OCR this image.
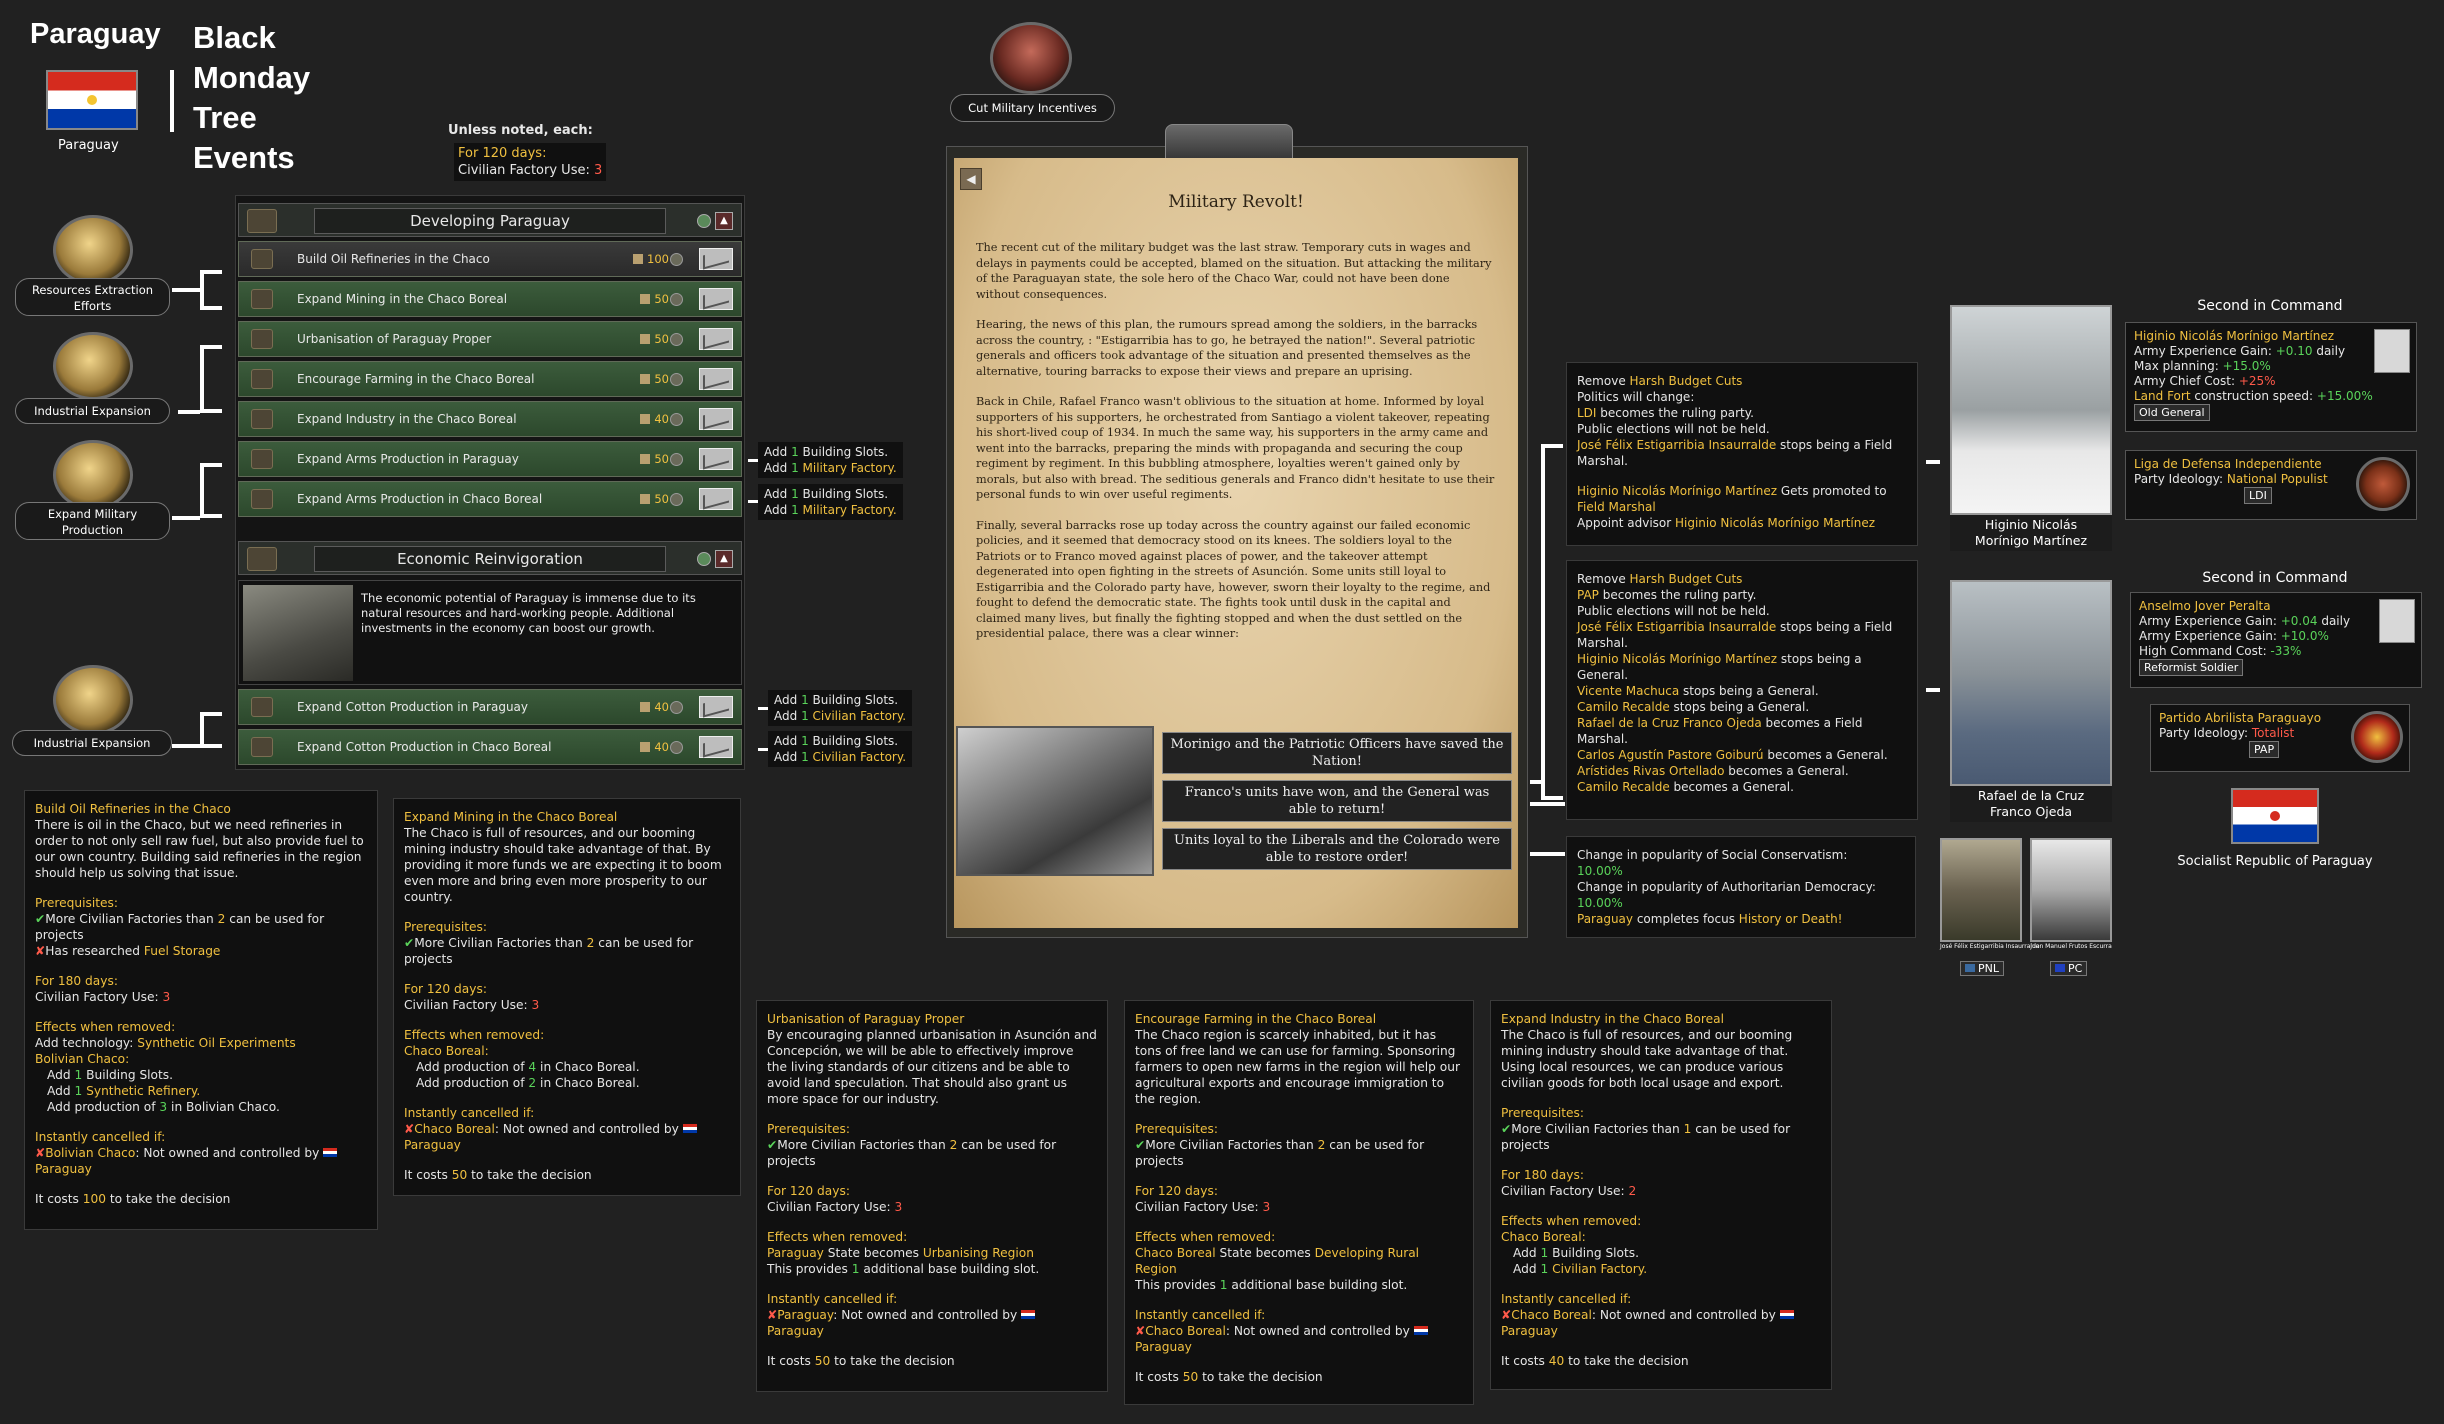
Paraguay
Paraguay
Black
Monday
Tree
Events
Unless noted, each:
For 120 days:
Civilian Factory Use: 3
Resources Extraction Efforts
Industrial Expansion
Expand Military Production
Industrial Expansion
Developing Paraguay	▲
Build Oil Refineries in the Chaco	100
Expand Mining in the Chaco Boreal	50
Urbanisation of Paraguay Proper	50
Encourage Farming in the Chaco Boreal	50
Expand Industry in the Chaco Boreal	40
Expand Arms Production in Paraguay	50
Expand Arms Production in Chaco Boreal	50
Economic Reinvigoration	▲
The economic potential of Paraguay is immense due to its natural resources and hard-working people. Additional investments in the economy can boost our growth.
Expand Cotton Production in Paraguay	40
Expand Cotton Production in Chaco Boreal	40
Add 1 Building Slots.
Add 1 Military Factory.
Add 1 Building Slots.
Add 1 Military Factory.
Add 1 Building Slots.
Add 1 Civilian Factory.
Add 1 Building Slots.
Add 1 Civilian Factory.

Build Oil Refineries in the Chaco

There is oil in the Chaco, but we need refineries in order to not only sell raw fuel, but also provide fuel to our own country. Building said refineries in the region should help us solving that issue.

Prerequisites:

✔More Civilian Factories than 2 can be used for projects

✘Has researched Fuel Storage

For 180 days:

Civilian Factory Use: 3

Effects when removed:

Add technology: Synthetic Oil Experiments

Bolivian Chaco:

Add 1 Building Slots.

Add 1 Synthetic Refinery.

Add production of 3 in Bolivian Chaco.

Instantly cancelled if:

✘Bolivian Chaco: Not owned and controlled by
Paraguay

It costs 100 to take the decision

Expand Mining in the Chaco Boreal

The Chaco is full of resources, and our booming mining industry should take advantage of that. By providing it more funds we are expecting it to boom even more and bring even more prosperity to our country.

Prerequisites:

✔More Civilian Factories than 2 can be used for projects

For 120 days:

Civilian Factory Use: 3

Effects when removed:

Chaco Boreal:

Add production of 4 in Chaco Boreal.

Add production of 2 in Chaco Boreal.

Instantly cancelled if:

✘Chaco Boreal: Not owned and controlled by
Paraguay

It costs 50 to take the decision

Urbanisation of Paraguay Proper

By encouraging planned urbanisation in Asunción and Concepción, we will be able to effectively improve the living standards of our citizens and be able to avoid land speculation. That should also grant us more space for our industry.

Prerequisites:

✔More Civilian Factories than 2 can be used for projects

For 120 days:

Civilian Factory Use: 3

Effects when removed:

Paraguay State becomes Urbanising Region

This provides 1 additional base building slot.

Instantly cancelled if:

✘Paraguay: Not owned and controlled by
Paraguay

It costs 50 to take the decision

Encourage Farming in the Chaco Boreal

The Chaco region is scarcely inhabited, but it has tons of free land we can use for farming. Sponsoring farmers to open new farms in the region will help our agricultural exports and encourage immigration to the region.

Prerequisites:

✔More Civilian Factories than 2 can be used for projects

For 120 days:

Civilian Factory Use: 3

Effects when removed:

Chaco Boreal State becomes Developing Rural Region

This provides 1 additional base building slot.

Instantly cancelled if:

✘Chaco Boreal: Not owned and controlled by
Paraguay

It costs 50 to take the decision

Expand Industry in the Chaco Boreal

The Chaco is full of resources, and our booming mining industry should take advantage of that. Using local resources, we can produce various civilian goods for both local usage and export.

Prerequisites:

✔More Civilian Factories than 1 can be used for projects

For 180 days:

Civilian Factory Use: 2

Effects when removed:

Chaco Boreal:

Add 1 Building Slots.

Add 1 Civilian Factory.

Instantly cancelled if:

✘Chaco Boreal: Not owned and controlled by
Paraguay

It costs 40 to take the decision

Cut Military Incentives
◀
Military Revolt!

The recent cut of the military budget was the last straw. Temporary cuts in wages and delays in payments could be accepted, blamed on the situation. But attacking the military of the Paraguayan state, the sole hero of the Chaco War, could not have been done without consequences.

Hearing, the news of this plan, the rumours spread among the soldiers, in the barracks across the country, : "Estigarribia has to go, he betrayed the nation!". Several patriotic generals and officers took advantage of the situation and presented themselves as the alternative, touring barracks to expose their views and prepare an uprising.

Back in Chile, Rafael Franco wasn't oblivious to the situation at home. Informed by loyal supporters of his supporters, he orchestrated from Santiago a violent takeover, repeating his short-lived coup of 1934. In much the same way, his supporters in the army came and went into the barracks, preparing the minds with propaganda and securing the coup regiment by regiment. In this bubbling atmosphere, loyalties weren't gained only by morals, but also with bread. The seditious generals and Franco didn't hesitate to use their personal funds to win over useful regiments.

Finally, several barracks rose up today across the country against our failed economic policies, and it seemed that democracy stood on its knees. The soldiers loyal to the Patriots or to Franco moved against places of power, and the takeover attempt degenerated into open fighting in the streets of Asunción. Some units still loyal to Estigarribia and the Colorado party have, however, sworn their loyalty to the regime, and fought to defend the democratic state. The fights took until dusk in the capital and claimed many lives, but finally the fighting stopped and when the dust settled on the presidential palace, there was a clear winner:

Morinigo and the Patriotic Officers have saved the Nation!
Franco's units have won, and the General was able to return!
Units loyal to the Liberals and the Colorado were able to restore order!

Remove Harsh Budget Cuts

Politics will change:

LDI becomes the ruling party.

Public elections will not be held.

José Félix Estigarribia Insaurralde stops being a Field Marshal.

Higinio Nicolás Morínigo Martínez Gets promoted to Field Marshal

Appoint advisor Higinio Nicolás Morínigo Martínez	Higinio Nicolás Morínigo Martínez

Remove Harsh Budget Cuts

PAP becomes the ruling party.

Public elections will not be held.

José Félix Estigarribia Insaurralde stops being a Field Marshal.

Higinio Nicolás Morínigo Martínez stops being a General.

Vicente Machuca stops being a General.

Camilo Recalde stops being a General.

Rafael de la Cruz Franco Ojeda becomes a Field Marshal.

Carlos Agustín Pastore Goiburú becomes a General.

Arístides Rivas Ortellado becomes a General.

Camilo Recalde becomes a General.

Rafael de la Cruz Franco Ojeda

Change in popularity of Social Conservatism:

10.00%

Change in popularity of Authoritarian Democracy:

10.00%

Paraguay completes focus History or Death!

José Félix Estigarribia Insaurralde
Juan Manuel Frutos Escurra
PNL	PC
Second in Command

Higinio Nicolás Morínigo Martínez

Army Experience Gain: +0.10 daily

Max planning: +15.0%

Army Chief Cost: +25%

Land Fort construction speed: +15.00%

Old General

Liga de Defensa Independiente

Party Ideology: National Populist

LDI

Second in Command

Anselmo Jover Peralta

Army Experience Gain: +0.04 daily

Army Experience Gain: +10.0%

High Command Cost: -33%

Reformist Soldier

Partido Abrilista Paraguayo

Party Ideology: Totalist

PAP

Socialist Republic of Paraguay
